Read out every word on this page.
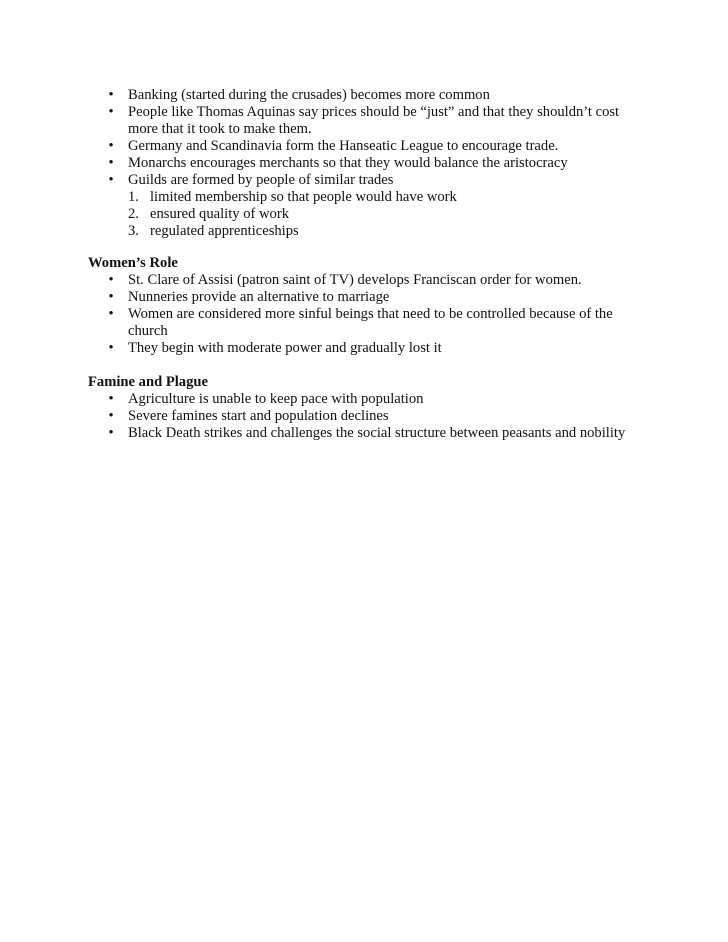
• Banking (started during the crusades) becomes more common
• People like Thomas Aquinas say prices should be “just” and that they shouldn’t cost more that it took to make them.
• Germany and Scandinavia form the Hanseatic League to encourage trade.
• Monarchs encourages merchants so that they would balance the aristocracy
• Guilds are formed by people of similar trades
1. limited membership so that people would have work
2. ensured quality of work
3. regulated apprenticeships
Women’s Role
• St. Clare of Assisi (patron saint of TV) develops Franciscan order for women.
• Nunneries provide an alternative to marriage
• Women are considered more sinful beings that need to be controlled because of the church
• They begin with moderate power and gradually lost it
Famine and Plague
• Agriculture is unable to keep pace with population
• Severe famines start and population declines
• Black Death strikes and challenges the social structure between peasants and nobility
